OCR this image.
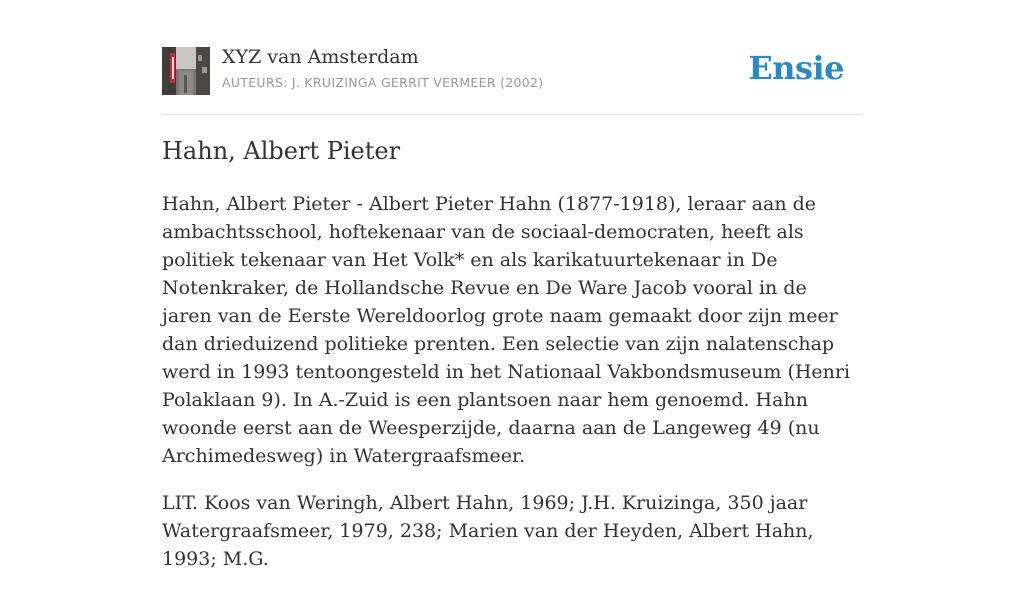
XYZ van Amsterdam
AUTEURS: J. KRUIZINGA GERRIT VERMEER (2002)	Ensie
Hahn, Albert Pieter

Hahn, Albert Pieter - Albert Pieter Hahn (1877-1918), leraar aan de ambachtsschool, hoftekenaar van de sociaal-democraten, heeft als politiek tekenaar van Het Volk* en als karikatuurtekenaar in De Notenkraker, de Hollandsche Revue en De Ware Jacob vooral in de jaren van de Eerste Wereldoorlog grote naam gemaakt door zijn meer dan drieduizend politieke prenten. Een selectie van zijn nalatenschap werd in 1993 tentoongesteld in het Nationaal Vakbondsmuseum (Henri Polaklaan 9). In A.-Zuid is een plantsoen naar hem genoemd. Hahn woonde eerst aan de Weesperzijde, daarna aan de Langeweg 49 (nu Archimedesweg) in Watergraafsmeer.

LIT. Koos van Weringh, Albert Hahn, 1969; J.H. Kruizinga, 350 jaar Watergraafsmeer, 1979, 238; Marien van der Heyden, Albert Hahn, 1993; M.G.
